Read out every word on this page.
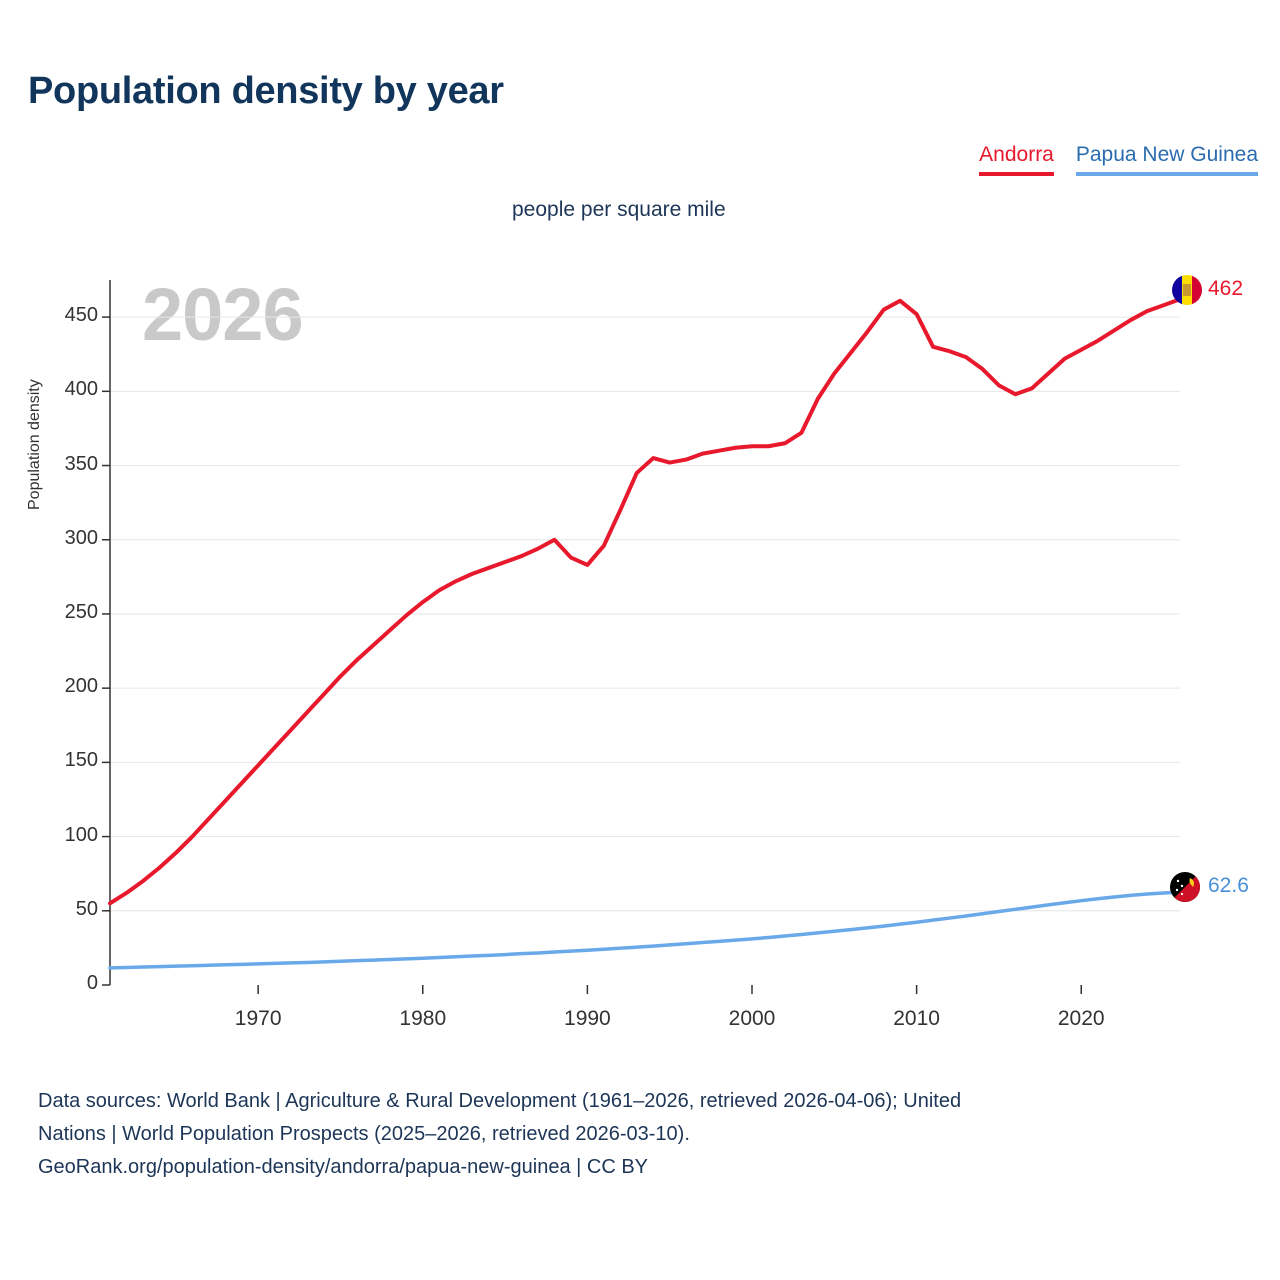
Population density by year
Andorra Papua New Guinea
people per square mile
2026
Population density
0
50
100
150
200
250
300
350
400
450
1970	1980	1990	2000	2010	2020
462
62.6
Data sources: World Bank | Agriculture & Rural Development (1961–2026, retrieved 2026-04-06); United
Nations | World Population Prospects (2025–2026, retrieved 2026-03-10).
GeoRank.org/population-density/andorra/papua-new-guinea | CC BY
